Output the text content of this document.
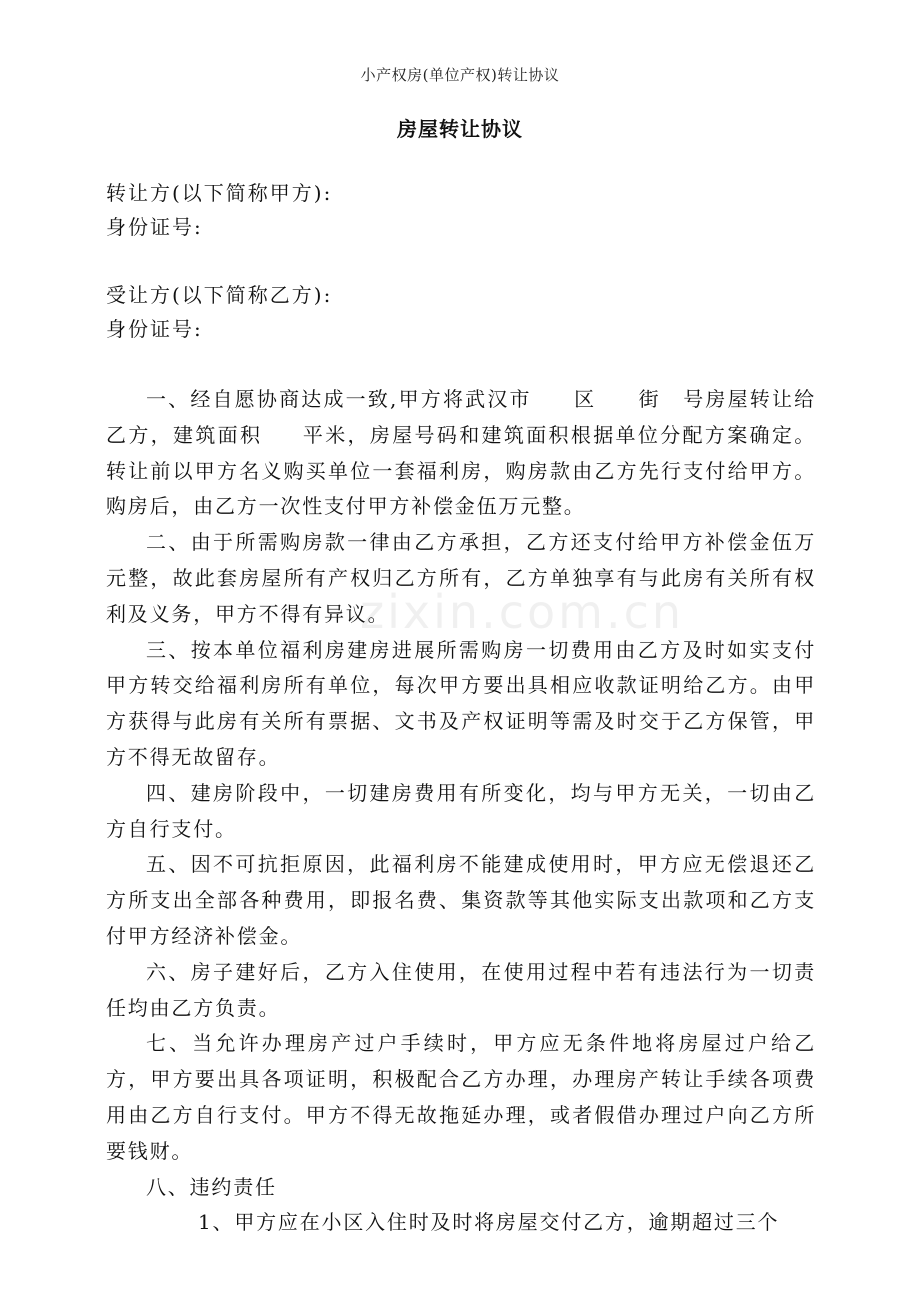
小产权房(单位产权)转让协议
房屋转让协议
转让方(以下简称甲方):
身份证号:
受让方(以下简称乙方):
身份证号:
zixin.com.cn

一、经自愿协商达成一致,甲方将武汉市 区 街 号房屋转让给乙方，建筑面积 平米，房屋号码和建筑面积根据单位分配方案确定。转让前以甲方名义购买单位一套福利房，购房款由乙方先行支付给甲方。购房后，由乙方一次性支付甲方补偿金伍万元整。

二、由于所需购房款一律由乙方承担，乙方还支付给甲方补偿金伍万元整，故此套房屋所有产权归乙方所有，乙方单独享有与此房有关所有权利及义务，甲方不得有异议。

三、按本单位福利房建房进展所需购房一切费用由乙方及时如实支付甲方转交给福利房所有单位，每次甲方要出具相应收款证明给乙方。由甲方获得与此房有关所有票据、文书及产权证明等需及时交于乙方保管，甲方不得无故留存。

四、建房阶段中，一切建房费用有所变化，均与甲方无关，一切由乙方自行支付。

五、因不可抗拒原因，此福利房不能建成使用时，甲方应无偿退还乙方所支出全部各种费用，即报名费、集资款等其他实际支出款项和乙方支付甲方经济补偿金。

六、房子建好后，乙方入住使用，在使用过程中若有违法行为一切责任均由乙方负责。

七、当允许办理房产过户手续时，甲方应无条件地将房屋过户给乙方，甲方要出具各项证明，积极配合乙方办理，办理房产转让手续各项费用由乙方自行支付。甲方不得无故拖延办理，或者假借办理过户向乙方所要钱财。

八、违约责任

1、甲方应在小区入住时及时将房屋交付乙方，逾期超过三个
